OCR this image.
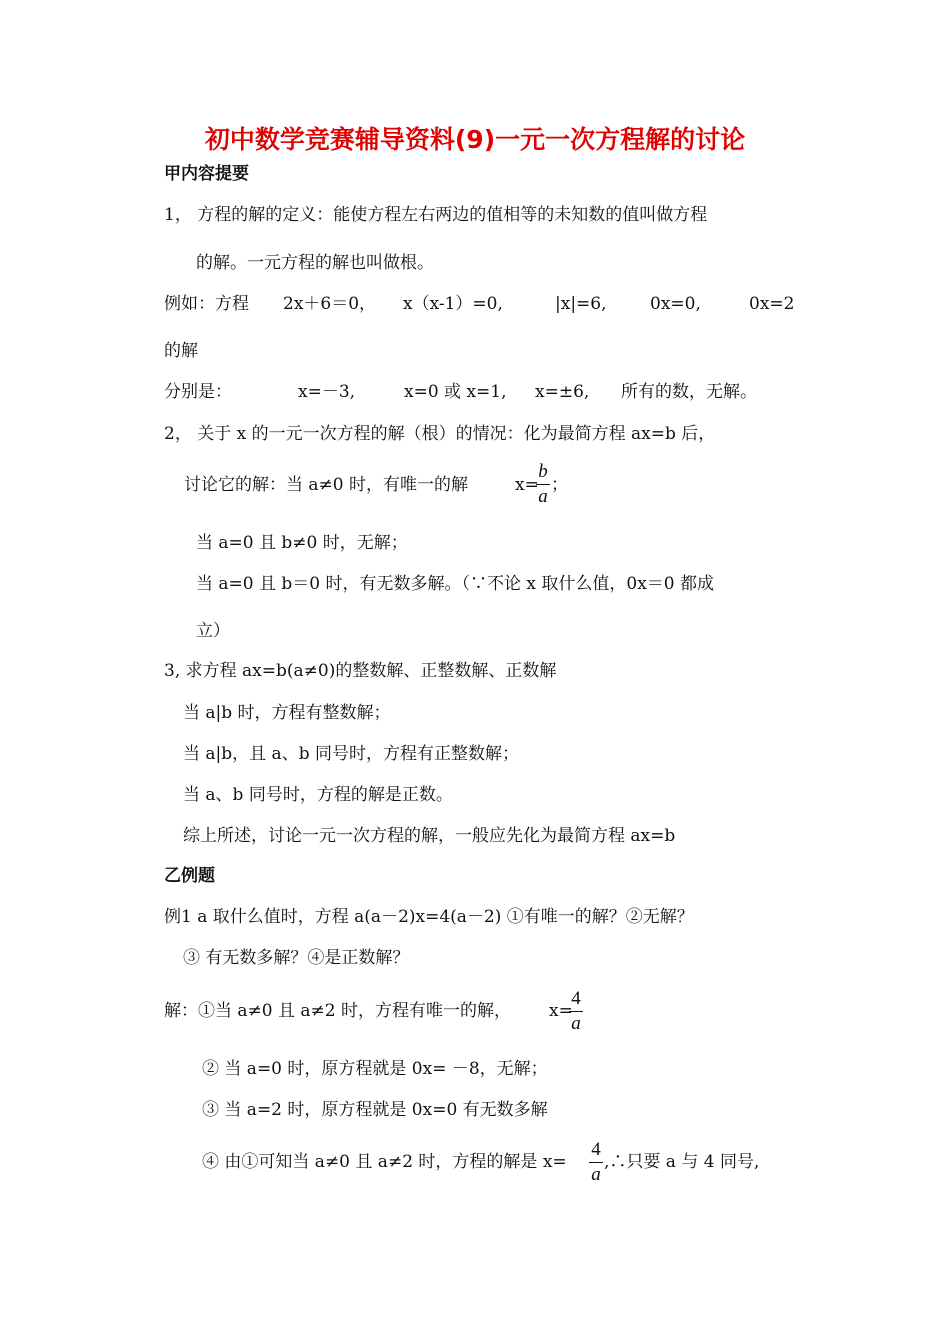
初中数学竞赛辅导资料(9)一元一次方程解的讨论
甲内容提要
1， 方程的解的定义：能使方程左右两边的值相等的未知数的值叫做方程
的解。一元方程的解也叫做根。
例如：方程 2x＋6＝0， x（x-1）=0,	|x|=6,	0x=0,	0x=2
的解
分别是：	x=－3,	x=0 或 x=1, x=±6, 所有的数，无解。
2， 关于 x 的一元一次方程的解（根）的情况：化为最简方程 ax=b 后，
讨论它的解：当 a≠0 时，有唯一的解	x=
b
a
；
当 a=0 且 b≠0 时，无解；
当 a=0 且 b＝0 时，有无数多解。（∵不论 x 取什么值，0x＝0 都成
立）
3, 求方程 ax=b(a≠0)的整数解、正整数解、正数解
当 a|b 时，方程有整数解；
当 a|b，且 a、b 同号时，方程有正整数解；
当 a、b 同号时，方程的解是正数。
综上所述，讨论一元一次方程的解，一般应先化为最简方程 ax=b
乙例题
例1 a 取什么值时，方程 a(a－2)x=4(a－2) ①有唯一的解？②无解？
③ 有无数多解？④是正数解？
解：①当 a≠0 且 a≠2 时，方程有唯一的解， x=
4
a
② 当 a=0 时，原方程就是 0x= －8，无解；
③ 当 a=2 时，原方程就是 0x=0 有无数多解
④ 由①可知当 a≠0 且 a≠2 时，方程的解是 x=
4
a
,∴只要 a 与 4 同号,
